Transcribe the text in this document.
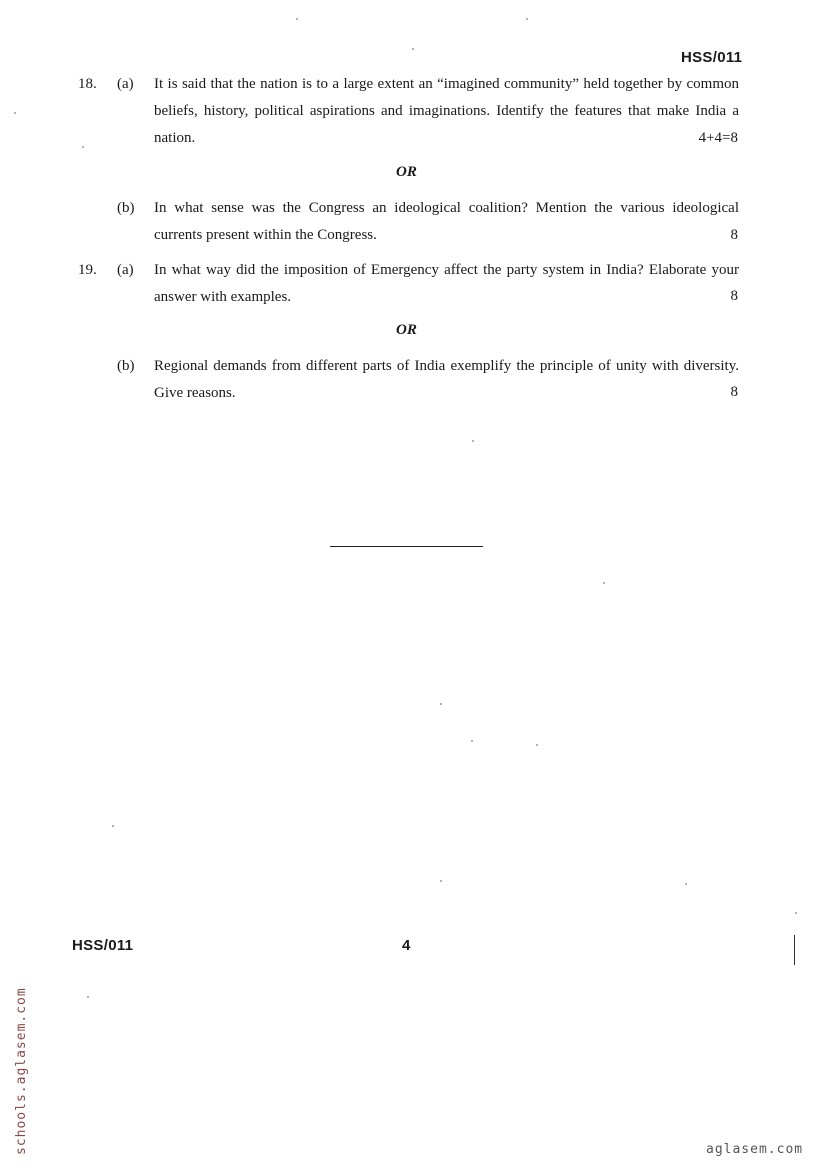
HSS/011
18. (a) It is said that the nation is to a large extent an “imagined community” held together by common beliefs, history, political aspirations and imaginations. Identify the features that make India a nation.	4+4=8
OR
(b) In what sense was the Congress an ideological coalition? Mention the various ideological currents present within the Congress.	8
19. (a) In what way did the imposition of Emergency affect the party system in India? Elaborate your answer with examples.	8
OR
(b) Regional demands from different parts of India exemplify the principle of unity with diversity. Give reasons.	8
HSS/011	4
schools.aglasem.com	aglasem.com
